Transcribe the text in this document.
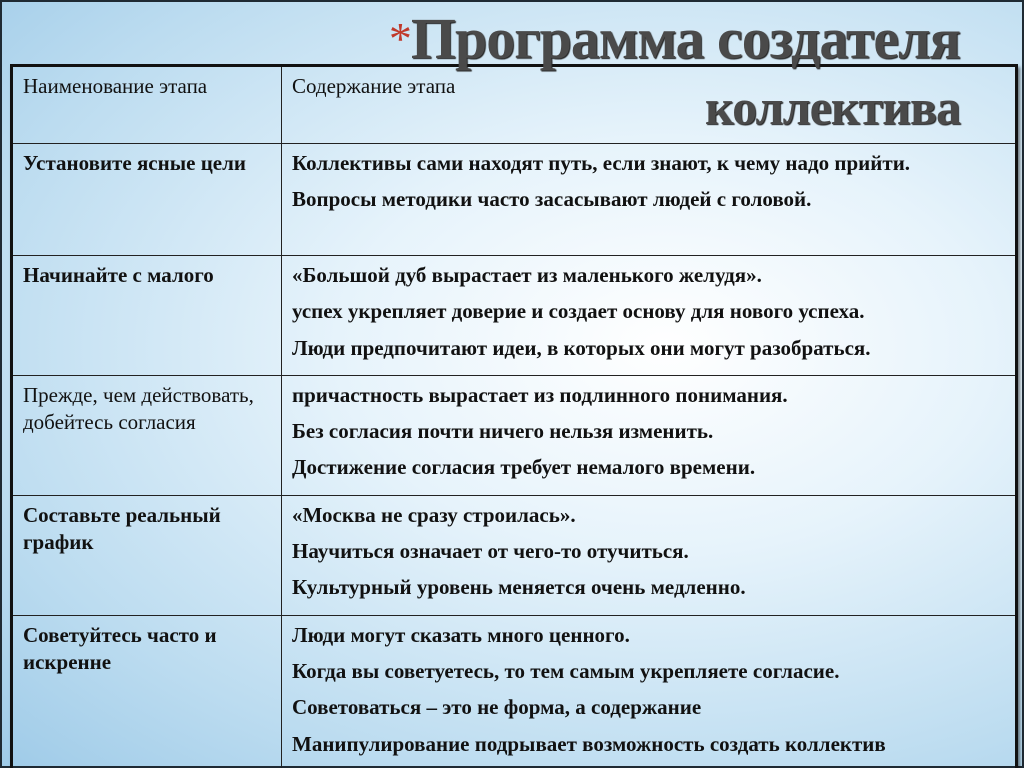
*Программа создателя
коллектива
Наименование этапа	Содержание этапа
Установите ясные цели	Коллективы сами находят путь, если знают, к чему надо прийти.

Вопросы методики часто засасывают людей с головой.

Начинайте с малого	«Большой дуб вырастает из маленького желудя».

успех укрепляет доверие и создает основу для нового успеха.

Люди предпочитают идеи, в которых они могут разобраться.

Прежде, чем действовать, добейтесь согласия	причастность вырастает из подлинного понимания.

Без согласия почти ничего нельзя изменить.

Достижение согласия требует немалого времени.

Составьте реальный график	«Москва не сразу строилась».

Научиться означает от чего-то отучиться.

Культурный уровень меняется очень медленно.

Советуйтесь часто и искренне	Люди могут сказать много ценного.

Когда вы советуетесь, то тем самым укрепляете согласие.

Советоваться – это не форма, а содержание

Манипулирование подрывает возможность создать коллектив
